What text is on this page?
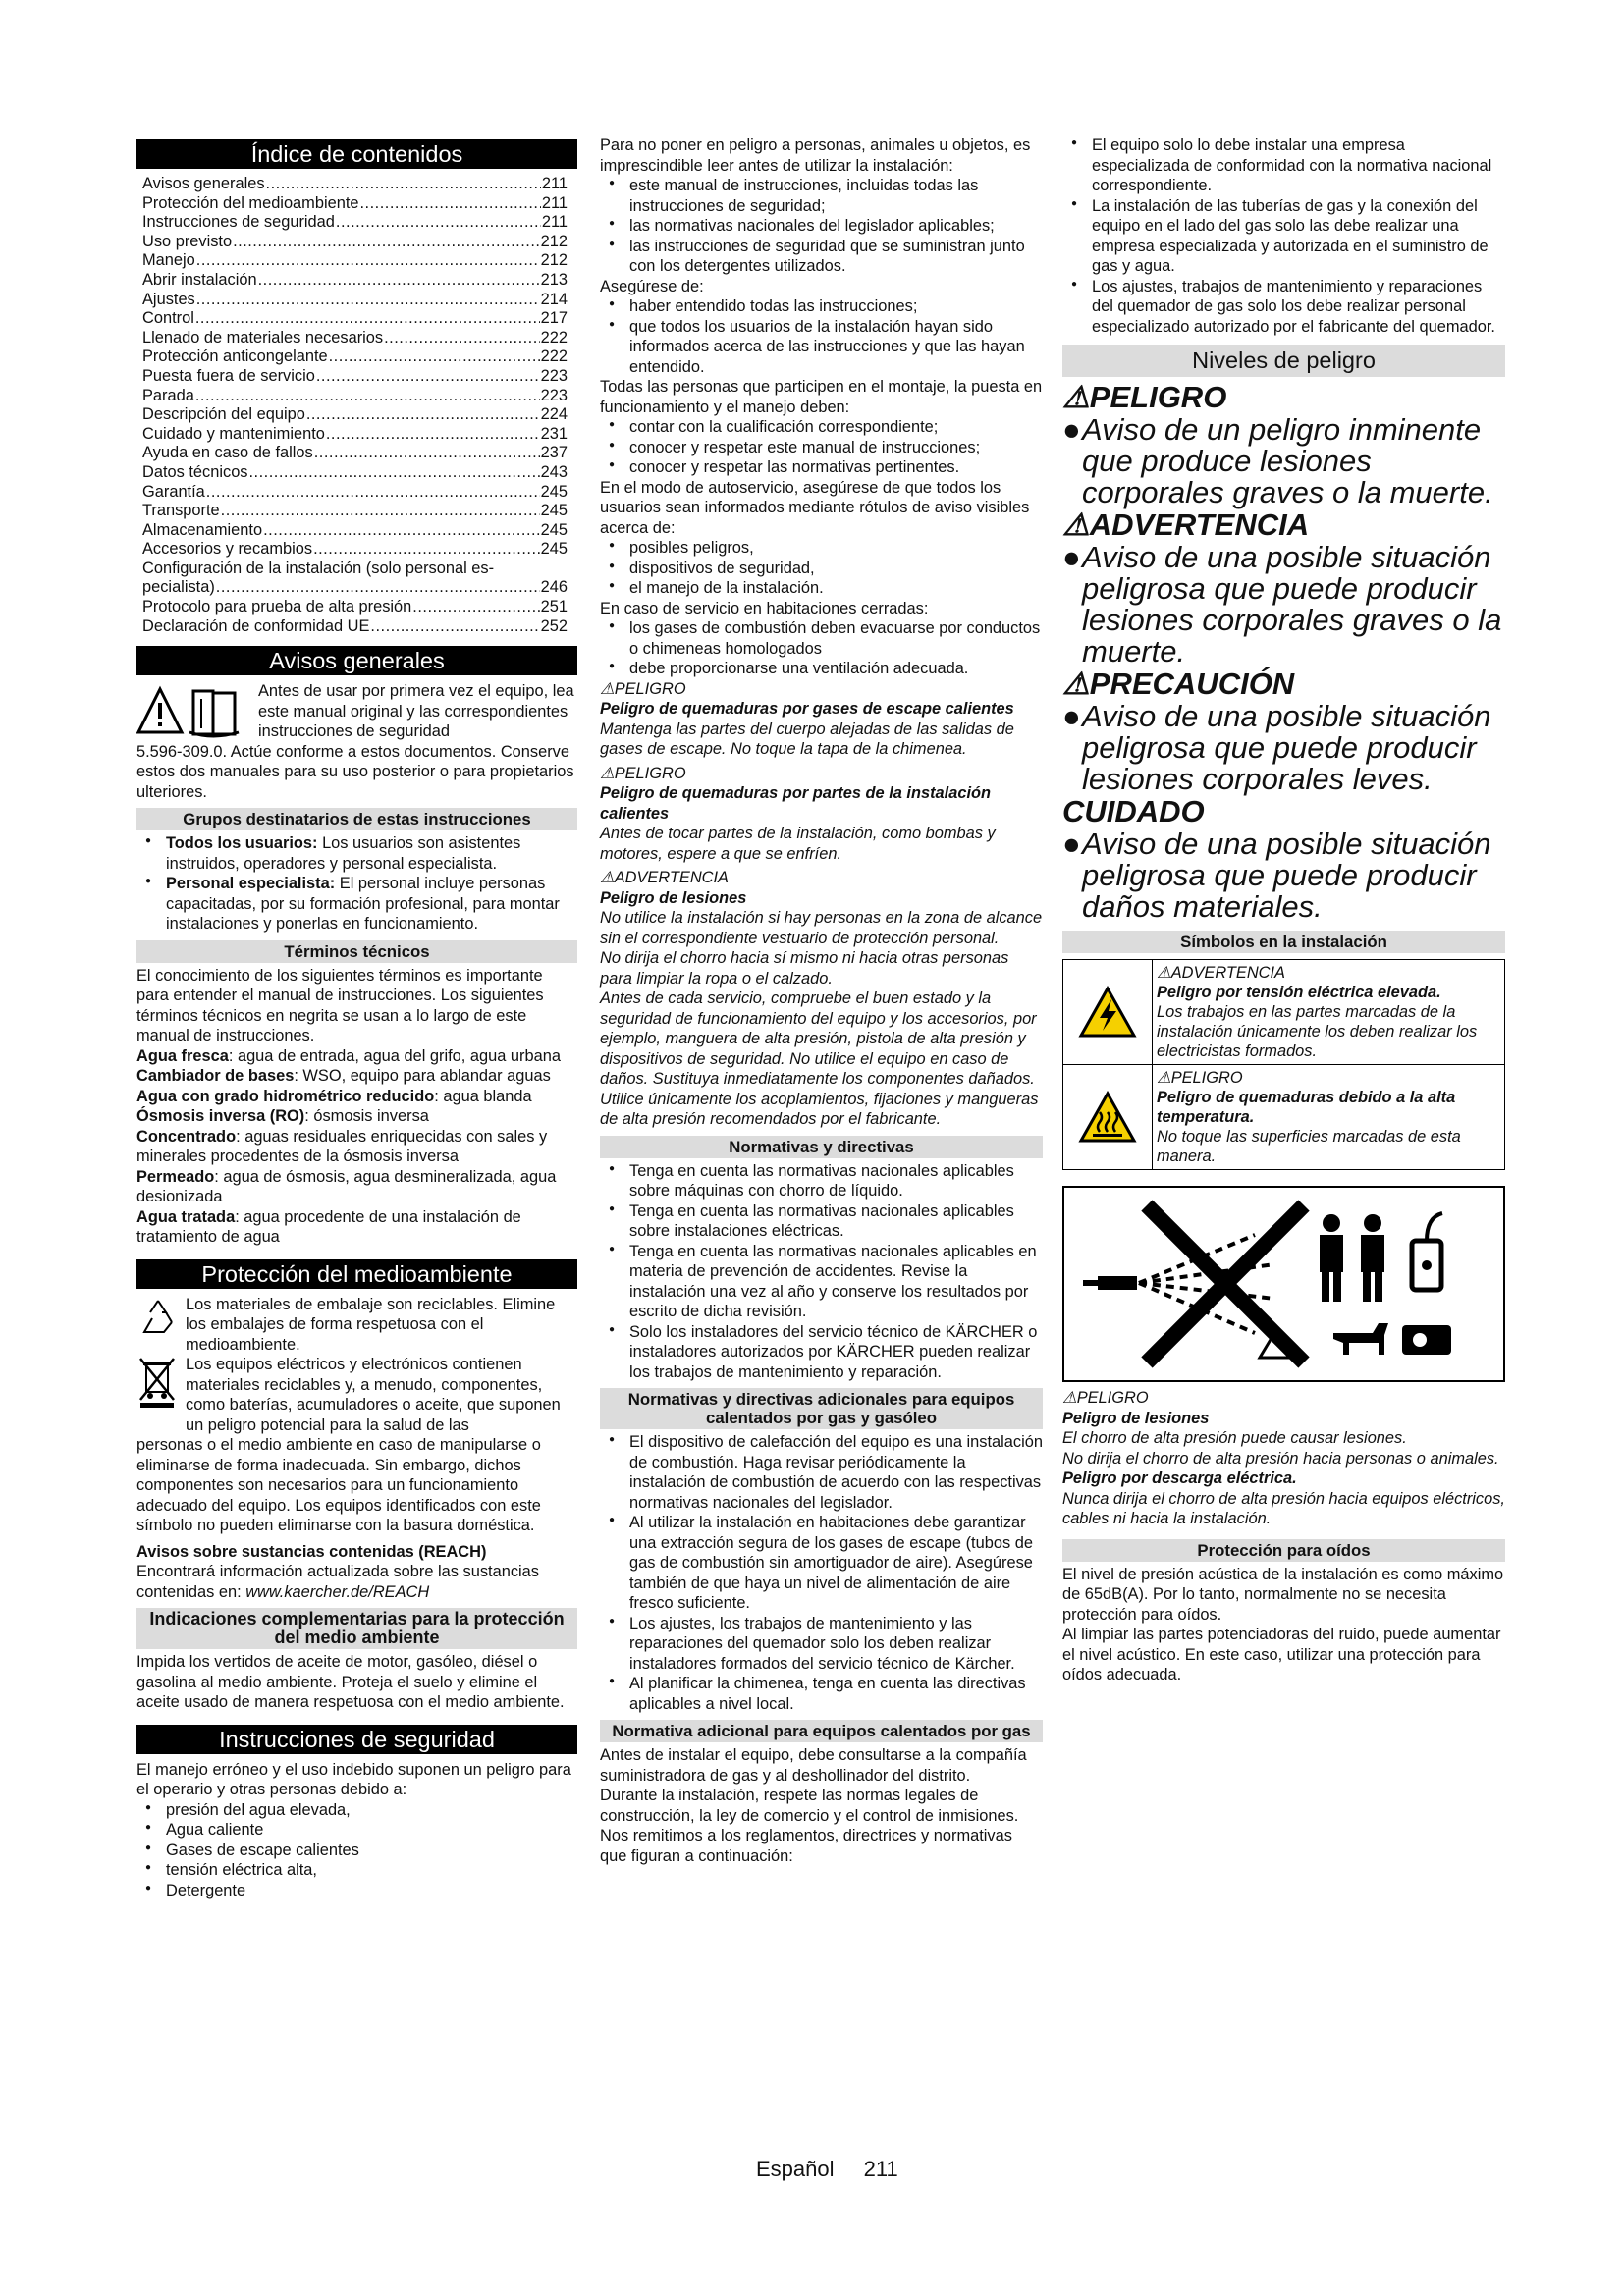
Índice de contenidos
Avisos generales .....	211
Protección del medioambiente .....	211
Instrucciones de seguridad .....	211
Uso previsto .....	212
Manejo .....	212
Abrir instalación .....	213
Ajustes .....	214
Control .....	217
Llenado de materiales necesarios .....	222
Protección anticongelante .....	222
Puesta fuera de servicio .....	223
Parada .....	223
Descripción del equipo .....	224
Cuidado y mantenimiento .....	231
Ayuda en caso de fallos .....	237
Datos técnicos .....	243
Garantía .....	245
Transporte .....	245
Almacenamiento .....	245
Accesorios y recambios .....	245
Configuración de la instalación (solo personal es-
pecialista) .....	246
Protocolo para prueba de alta presión .....	251
Declaración de conformidad UE .....	252
Avisos generales

Antes de usar por primera vez el equipo, lea este manual original y las correspondientes instrucciones de seguridad

5.596-309.0. Actúe conforme a estos documentos. Conserve estos dos manuales para su uso posterior o para propietarios ulteriores.

Grupos destinatarios de estas instrucciones
● Todos los usuarios: Los usuarios son asistentes instruidos, operadores y personal especialista.
● Personal especialista: El personal incluye personas capacitadas, por su formación profesional, para montar instalaciones y ponerlas en funcionamiento.
Términos técnicos

El conocimiento de los siguientes términos es importante para entender el manual de instrucciones. Los siguientes términos técnicos en negrita se usan a lo largo de este manual de instrucciones.

Agua fresca: agua de entrada, agua del grifo, agua urbana

Cambiador de bases: WSO, equipo para ablandar aguas

Agua con grado hidrométrico reducido: agua blanda

Ósmosis inversa (RO): ósmosis inversa

Concentrado: aguas residuales enriquecidas con sales y minerales procedentes de la ósmosis inversa

Permeado: agua de ósmosis, agua desmineralizada, agua desionizada

Agua tratada: agua procedente de una instalación de tratamiento de agua

Protección del medioambiente

Los materiales de embalaje son reciclables. Elimine los embalajes de forma respetuosa con el medioambiente.

Los equipos eléctricos y electrónicos contienen materiales reciclables y, a menudo, componentes, como baterías, acumuladores o aceite, que suponen un peligro potencial para la salud de las

personas o el medio ambiente en caso de manipularse o eliminarse de forma inadecuada. Sin embargo, dichos componentes son necesarios para un funcionamiento adecuado del equipo. Los equipos identificados con este símbolo no pueden eliminarse con la basura doméstica.

Avisos sobre sustancias contenidas (REACH)

Encontrará información actualizada sobre las sustancias contenidas en: www.kaercher.de/REACH

Indicaciones complementarias para la protección del medio ambiente

Impida los vertidos de aceite de motor, gasóleo, diésel o gasolina al medio ambiente. Proteja el suelo y elimine el aceite usado de manera respetuosa con el medio ambiente.

Instrucciones de seguridad

El manejo erróneo y el uso indebido suponen un peligro para el operario y otras personas debido a:

● presión del agua elevada,
● Agua caliente
● Gases de escape calientes
● tensión eléctrica alta,
● Detergente

Para no poner en peligro a personas, animales u objetos, es imprescindible leer antes de utilizar la instalación:

● este manual de instrucciones, incluidas todas las instrucciones de seguridad;
● las normativas nacionales del legislador aplicables;
● las instrucciones de seguridad que se suministran junto con los detergentes utilizados.

Asegúrese de:

● haber entendido todas las instrucciones;
● que todos los usuarios de la instalación hayan sido informados acerca de las instrucciones y que las hayan entendido.

Todas las personas que participen en el montaje, la puesta en funcionamiento y el manejo deben:

● contar con la cualificación correspondiente;
● conocer y respetar este manual de instrucciones;
● conocer y respetar las normativas pertinentes.

En el modo de autoservicio, asegúrese de que todos los usuarios sean informados mediante rótulos de aviso visibles acerca de:

● posibles peligros,
● dispositivos de seguridad,
● el manejo de la instalación.

En caso de servicio en habitaciones cerradas:

● los gases de combustión deben evacuarse por conductos o chimeneas homologados
● debe proporcionarse una ventilación adecuada.

⚠PELIGRO

Peligro de quemaduras por gases de escape calientes

Mantenga las partes del cuerpo alejadas de las salidas de gases de escape. No toque la tapa de la chimenea.

⚠PELIGRO

Peligro de quemaduras por partes de la instalación calientes

Antes de tocar partes de la instalación, como bombas y motores, espere a que se enfríen.

⚠ADVERTENCIA

Peligro de lesiones

No utilice la instalación si hay personas en la zona de alcance sin el correspondiente vestuario de protección personal.

No dirija el chorro hacia sí mismo ni hacia otras personas para limpiar la ropa o el calzado.

Antes de cada servicio, compruebe el buen estado y la seguridad de funcionamiento del equipo y los accesorios, por ejemplo, manguera de alta presión, pistola de alta presión y dispositivos de seguridad. No utilice el equipo en caso de daños. Sustituya inmediatamente los componentes dañados.

Utilice únicamente los acoplamientos, fijaciones y mangueras de alta presión recomendados por el fabricante.

Normativas y directivas
● Tenga en cuenta las normativas nacionales aplicables sobre máquinas con chorro de líquido.
● Tenga en cuenta las normativas nacionales aplicables sobre instalaciones eléctricas.
● Tenga en cuenta las normativas nacionales aplicables en materia de prevención de accidentes. Revise la instalación una vez al año y conserve los resultados por escrito de dicha revisión.
● Solo los instaladores del servicio técnico de KÄRCHER o instaladores autorizados por KÄRCHER pueden realizar los trabajos de mantenimiento y reparación.
Normativas y directivas adicionales para equipos calentados por gas y gasóleo
● El dispositivo de calefacción del equipo es una instalación de combustión. Haga revisar periódicamente la instalación de combustión de acuerdo con las respectivas normativas nacionales del legislador.
● Al utilizar la instalación en habitaciones debe garantizar una extracción segura de los gases de escape (tubos de gas de combustión sin amortiguador de aire). Asegúrese también de que haya un nivel de alimentación de aire fresco suficiente.
● Los ajustes, los trabajos de mantenimiento y las reparaciones del quemador solo los deben realizar instaladores formados del servicio técnico de Kärcher.
● Al planificar la chimenea, tenga en cuenta las directivas aplicables a nivel local.
Normativa adicional para equipos calentados por gas

Antes de instalar el equipo, debe consultarse a la compañía suministradora de gas y al deshollinador del distrito.

Durante la instalación, respete las normas legales de construcción, la ley de comercio y el control de inmisiones. Nos remitimos a los reglamentos, directrices y normativas que figuran a continuación:

● El equipo solo lo debe instalar una empresa especializada de conformidad con la normativa nacional correspondiente.
● La instalación de las tuberías de gas y la conexión del equipo en el lado del gas solo las debe realizar una empresa especializada y autorizada en el suministro de gas y agua.
● Los ajustes, trabajos de mantenimiento y reparaciones del quemador de gas solo los debe realizar personal especializado autorizado por el fabricante del quemador.
Niveles de peligro
⚠PELIGRO
● Aviso de un peligro inminente que produce lesiones corporales graves o la muerte.
⚠ADVERTENCIA
● Aviso de una posible situación peligrosa que puede producir lesiones corporales graves o la muerte.
⚠PRECAUCIÓN
● Aviso de una posible situación peligrosa que puede producir lesiones corporales leves.
CUIDADO
● Aviso de una posible situación peligrosa que puede producir daños materiales.
Símbolos en la instalación
⚠ADVERTENCIA
Peligro por tensión eléctrica elevada.
Los trabajos en las partes marcadas de la instalación únicamente los deben realizar los electricistas formados.
⚠PELIGRO
Peligro de quemaduras debido a la alta temperatura.
No toque las superficies marcadas de esta manera.

⚠PELIGRO

Peligro de lesiones

El chorro de alta presión puede causar lesiones.

No dirija el chorro de alta presión hacia personas o animales.

Peligro por descarga eléctrica.

Nunca dirija el chorro de alta presión hacia equipos eléctricos, cables ni hacia la instalación.

Protección para oídos

El nivel de presión acústica de la instalación es como máximo de 65dB(A). Por lo tanto, normalmente no se necesita protección para oídos.

Al limpiar las partes potenciadoras del ruido, puede aumentar el nivel acústico. En este caso, utilizar una protección para oídos adecuada.

Español 211
